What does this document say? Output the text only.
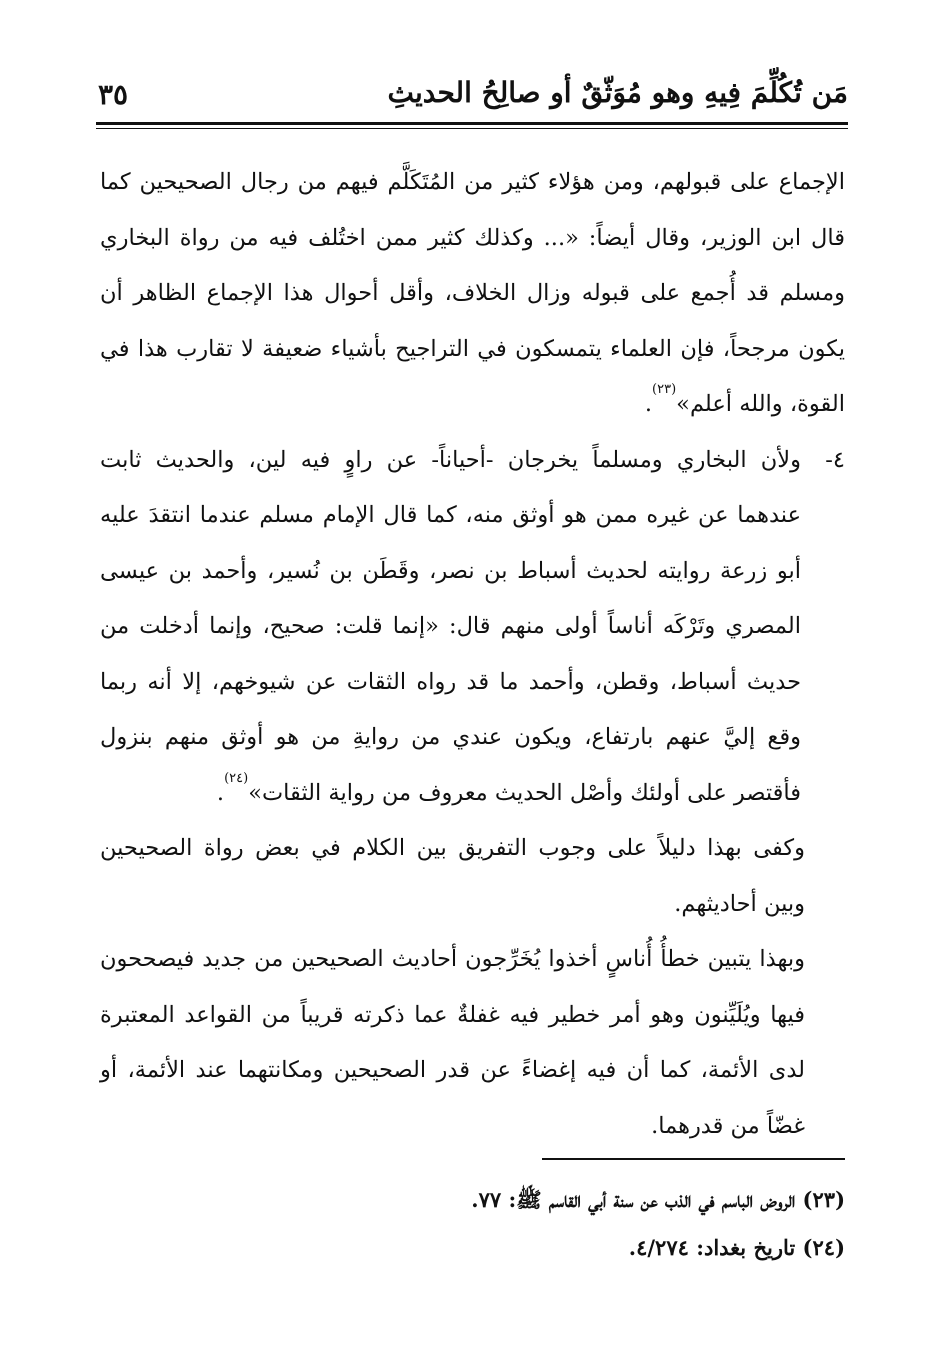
٣٥	مَن تُكُلِّمَ فِيهِ وهو مُوَثّقٌ أو صالِحُ الحديثِ

الإجماع على قبولهم، ومن هؤلاء كثير من المُتَكَلَّم فيهم من رجال الصحيحين كما قال ابن الوزير، وقال أيضاً: «... وكذلك كثير ممن اختُلف فيه من رواة البخاري ومسلم قد أُجمع على قبوله وزال الخلاف، وأقل أحوال هذا الإجماع الظاهر أن يكون مرجحاً، فإن العلماء يتمسكون في التراجيح بأشياء ضعيفة لا تقارب هذا في القوة، والله أعلم»$^{(٢٣)}$.

٤-
ولأن البخاري ومسلماً يخرجان -أحياناً- عن راوٍ فيه لين، والحديث ثابت عندهما عن غيره ممن هو أوثق منه، كما قال الإمام مسلم عندما انتقدَ عليه أبو زرعة روايته لحديث أسباط بن نصر، وقَطَن بن نُسير، وأحمد بن عيسى المصري وتَرْكَه أناساً أولى منهم قال: «إنما قلت: صحيح، وإنما أدخلت من حديث أسباط، وقطن، وأحمد ما قد رواه الثقات عن شيوخهم، إلا أنه ربما وقع إليَّ عنهم بارتفاع، ويكون عندي من روايةِ من هو أوثق منهم بنزول فأقتصر على أولئك وأصْل الحديث معروف من رواية الثقات»$^{(٢٤)}$.

وكفى بهذا دليلاً على وجوب التفريق بين الكلام في بعض رواة الصحيحين وبين أحاديثهم.

وبهذا يتبين خطأُ أُناسٍ أخذوا يُخَرِّجون أحاديث الصحيحين من جديد فيصححون فيها ويُلَيِّنون وهو أمر خطير فيه غفلةٌ عما ذكرته قريباً من القواعد المعتبرة لدى الأئمة، كما أن فيه إغضاءً عن قدر الصحيحين ومكانتهما عند الأئمة، أو غضّاً من قدرهما.

(٢٣) الروض الباسم في الذب عن سنة أبي القاسم ﷺ: ٧٧.

(٢٤) تاريخ بغداد: ٤/٢٧٤.
